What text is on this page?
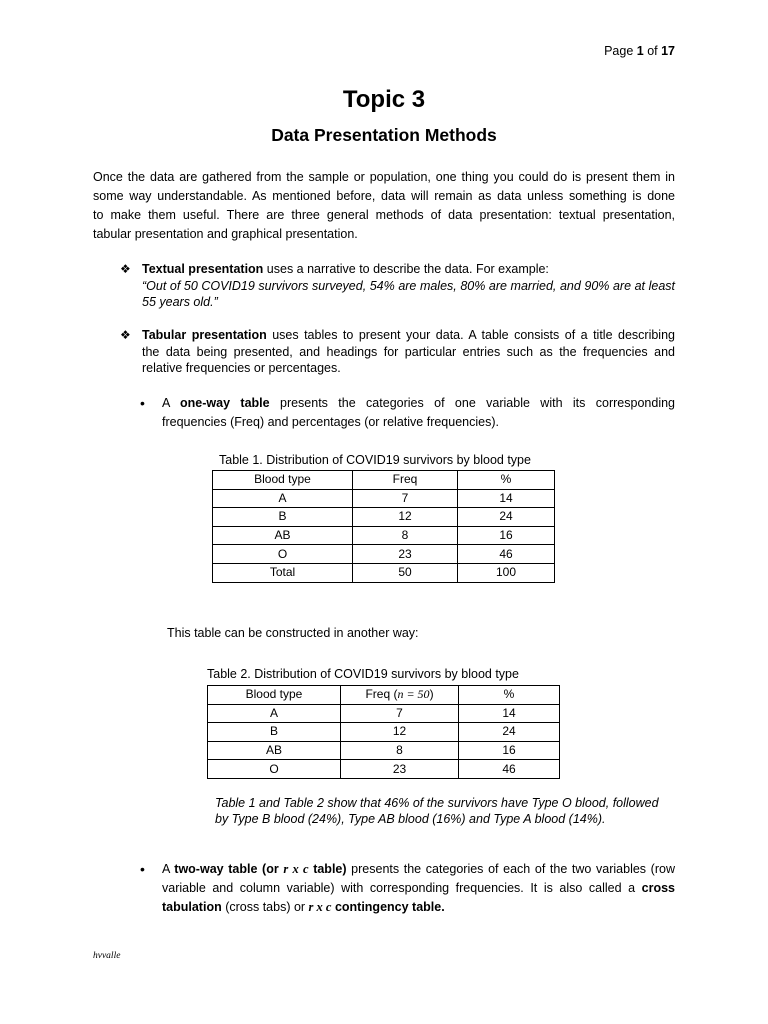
Page 1 of 17
Topic 3
Data Presentation Methods
Once the data are gathered from the sample or population, one thing you could do is present them in
some way understandable. As mentioned before, data will remain as data unless something is done
to make them useful. There are three general methods of data presentation: textual presentation,
tabular presentation and graphical presentation.
❖ Textual presentation uses a narrative to describe the data. For example:
“Out of 50 COVID19 survivors surveyed, 54% are males, 80% are married, and 90% are at least
55 years old.”
❖ Tabular presentation uses tables to present your data. A table consists of a title describing
the data being presented, and headings for particular entries such as the frequencies and
relative frequencies or percentages.
• A one-way table presents the categories of one variable with its corresponding
frequencies (Freq) and percentages (or relative frequencies).
Table 1. Distribution of COVID19 survivors by blood type
Blood type	Freq	%
A	7	14
B	12	24
AB	8	16
O	23	46
Total	50	100
This table can be constructed in another way:
Table 2. Distribution of COVID19 survivors by blood type
Blood type	Freq (n = 50)	%
A	7	14
B	12	24
AB	8	16
O	23	46
Table 1 and Table 2 show that 46% of the survivors have Type O blood, followed
by Type B blood (24%), Type AB blood (16%) and Type A blood (14%).
• A two-way table (or r x c table) presents the categories of each of the two variables (row
variable and column variable) with corresponding frequencies. It is also called a cross
tabulation (cross tabs) or r x c contingency table.
hvvalle
